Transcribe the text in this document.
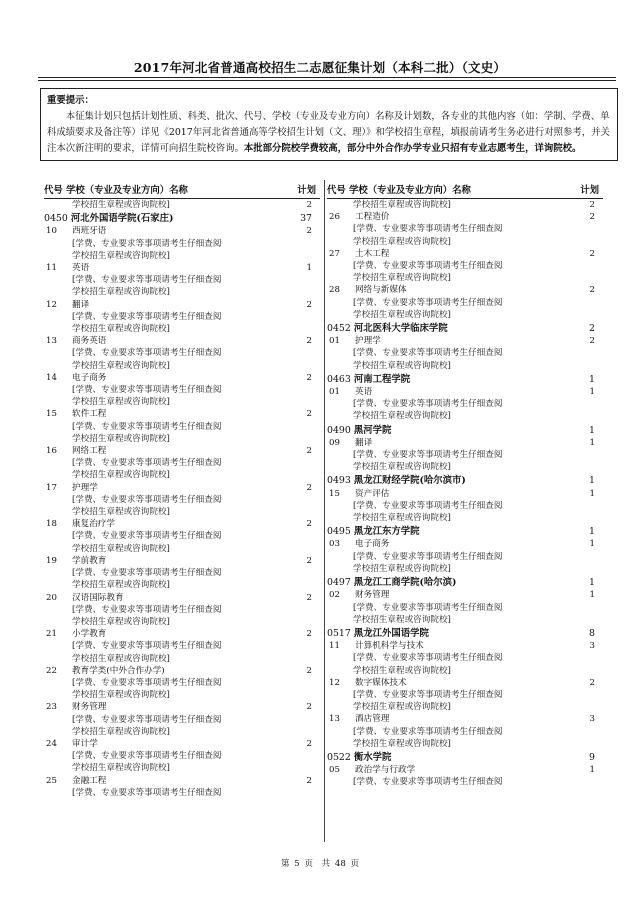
2017年河北省普通高校招生二志愿征集计划（本科二批）（文史）
重要提示：

本征集计划只包括计划性质、科类、批次、代号、学校（专业及专业方向）名称及计划数，各专业的其他内容（如：学制、学费、单科成绩要求及备注等）详见《2017年河北省普通高等学校招生计划（文、理）》和学校招生章程，填报前请考生务必进行对照参考，并关注本次新注明的要求，详情可向招生院校咨询。本批部分院校学费较高，部分中外合作办学专业只招有专业志愿考生，详询院校。

代号 学校（专业及专业方向）名称	计划
学校招生章程或咨询院校]	2
0450 河北外国语学院(石家庄)	37
10 西班牙语	2
[学费、专业要求等事项请考生仔细查阅
学校招生章程或咨询院校]
11 英语	1
[学费、专业要求等事项请考生仔细查阅
学校招生章程或咨询院校]
12 翻译	2
[学费、专业要求等事项请考生仔细查阅
学校招生章程或咨询院校]
13 商务英语	2
[学费、专业要求等事项请考生仔细查阅
学校招生章程或咨询院校]
14 电子商务	2
[学费、专业要求等事项请考生仔细查阅
学校招生章程或咨询院校]
15 软件工程	2
[学费、专业要求等事项请考生仔细查阅
学校招生章程或咨询院校]
16 网络工程	2
[学费、专业要求等事项请考生仔细查阅
学校招生章程或咨询院校]
17 护理学	2
[学费、专业要求等事项请考生仔细查阅
学校招生章程或咨询院校]
18 康复治疗学	2
[学费、专业要求等事项请考生仔细查阅
学校招生章程或咨询院校]
19 学前教育	2
[学费、专业要求等事项请考生仔细查阅
学校招生章程或咨询院校]
20 汉语国际教育	2
[学费、专业要求等事项请考生仔细查阅
学校招生章程或咨询院校]
21 小学教育	2
[学费、专业要求等事项请考生仔细查阅
学校招生章程或咨询院校]
22 教育学类(中外合作办学)	2
[学费、专业要求等事项请考生仔细查阅
学校招生章程或咨询院校]
23 财务管理	2
[学费、专业要求等事项请考生仔细查阅
学校招生章程或咨询院校]
24 审计学	2
[学费、专业要求等事项请考生仔细查阅
学校招生章程或咨询院校]
25 金融工程	2
[学费、专业要求等事项请考生仔细查阅
代号 学校（专业及专业方向）名称	计划
学校招生章程或咨询院校]	2
26 工程造价	2
[学费、专业要求等事项请考生仔细查阅
学校招生章程或咨询院校]
27 土木工程	2
[学费、专业要求等事项请考生仔细查阅
学校招生章程或咨询院校]
28 网络与新媒体	2
[学费、专业要求等事项请考生仔细查阅
学校招生章程或咨询院校]
0452 河北医科大学临床学院	2
01 护理学	2
[学费、专业要求等事项请考生仔细查阅
学校招生章程或咨询院校]
0463 河南工程学院	1
01 英语	1
[学费、专业要求等事项请考生仔细查阅
学校招生章程或咨询院校]
0490 黑河学院	1
09 翻译	1
[学费、专业要求等事项请考生仔细查阅
学校招生章程或咨询院校]
0493 黑龙江财经学院(哈尔滨市)	1
15 资产评估	1
[学费、专业要求等事项请考生仔细查阅
学校招生章程或咨询院校]
0495 黑龙江东方学院	1
03 电子商务	1
[学费、专业要求等事项请考生仔细查阅
学校招生章程或咨询院校]
0497 黑龙江工商学院(哈尔滨)	1
02 财务管理	1
[学费、专业要求等事项请考生仔细查阅
学校招生章程或咨询院校]
0517 黑龙江外国语学院	8
11 计算机科学与技术	3
[学费、专业要求等事项请考生仔细查阅
学校招生章程或咨询院校]
12 数字媒体技术	2
[学费、专业要求等事项请考生仔细查阅
学校招生章程或咨询院校]
13 酒店管理	3
[学费、专业要求等事项请考生仔细查阅
学校招生章程或咨询院校]
0522 衡水学院	9
05 政治学与行政学	1
[学费、专业要求等事项请考生仔细查阅
第 5 页　共 48 页
